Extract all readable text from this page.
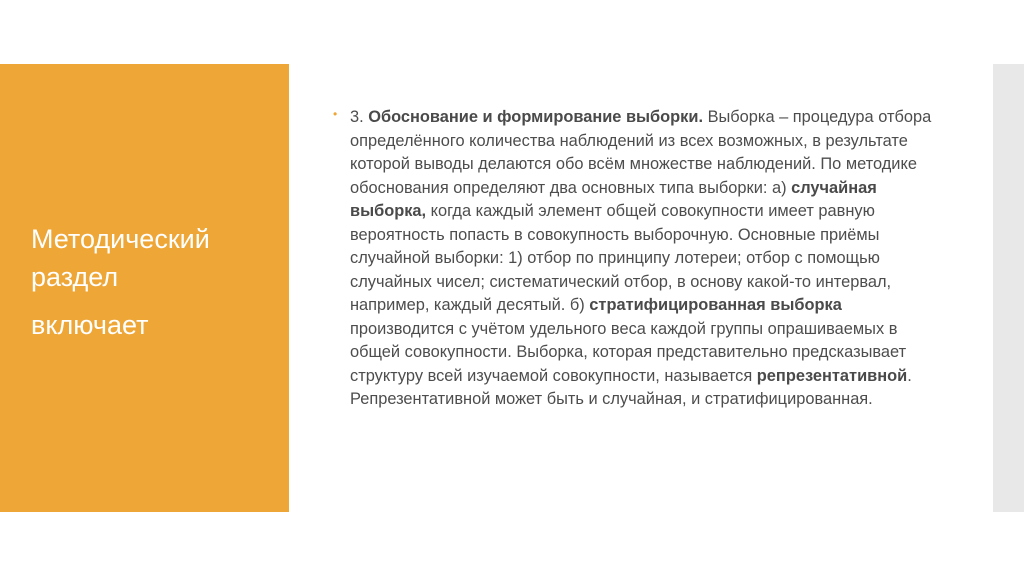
Методический
раздел
включает
• 3. Обоснование и формирование выборки. Выборка – процедура отбора определённого количества наблюдений из всех возможных, в результате которой выводы делаются обо всём множестве наблюдений. По методике обоснования определяют два основных типа выборки: а) случайная выборка, когда каждый элемент общей совокупности имеет равную вероятность попасть в совокупность выборочную. Основные приёмы случайной выборки: 1) отбор по принципу лотереи; отбор с помощью случайных чисел; систематический отбор, в основу какой-то интервал, например, каждый десятый. б) стратифицированная выборка производится с учётом удельного веса каждой группы опрашиваемых в общей совокупности. Выборка, которая представительно предсказывает структуру всей изучаемой совокупности, называется репрезентативной. Репрезентативной может быть и случайная, и стратифицированная.
